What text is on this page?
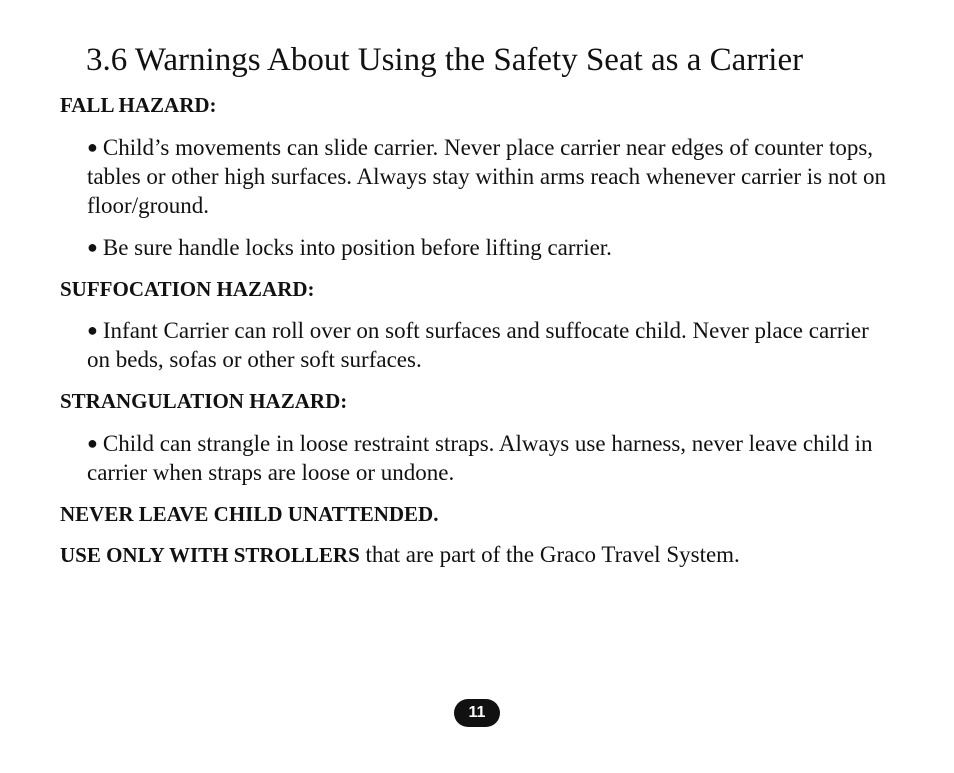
3.6 Warnings About Using the Safety Seat as a Carrier
FALL HAZARD:
● Child’s movements can slide carrier. Never place carrier near edges of counter tops, tables or other high surfaces. Always stay within arms reach whenever carrier is not on floor/ground.
● Be sure handle locks into position before lifting carrier.
SUFFOCATION HAZARD:
● Infant Carrier can roll over on soft surfaces and suffocate child. Never place carrier on beds, sofas or other soft surfaces.
STRANGULATION HAZARD:
● Child can strangle in loose restraint straps. Always use harness, never leave child in carrier when straps are loose or undone.
NEVER LEAVE CHILD UNATTENDED.
USE ONLY WITH STROLLERS that are part of the Graco Travel System.
11
